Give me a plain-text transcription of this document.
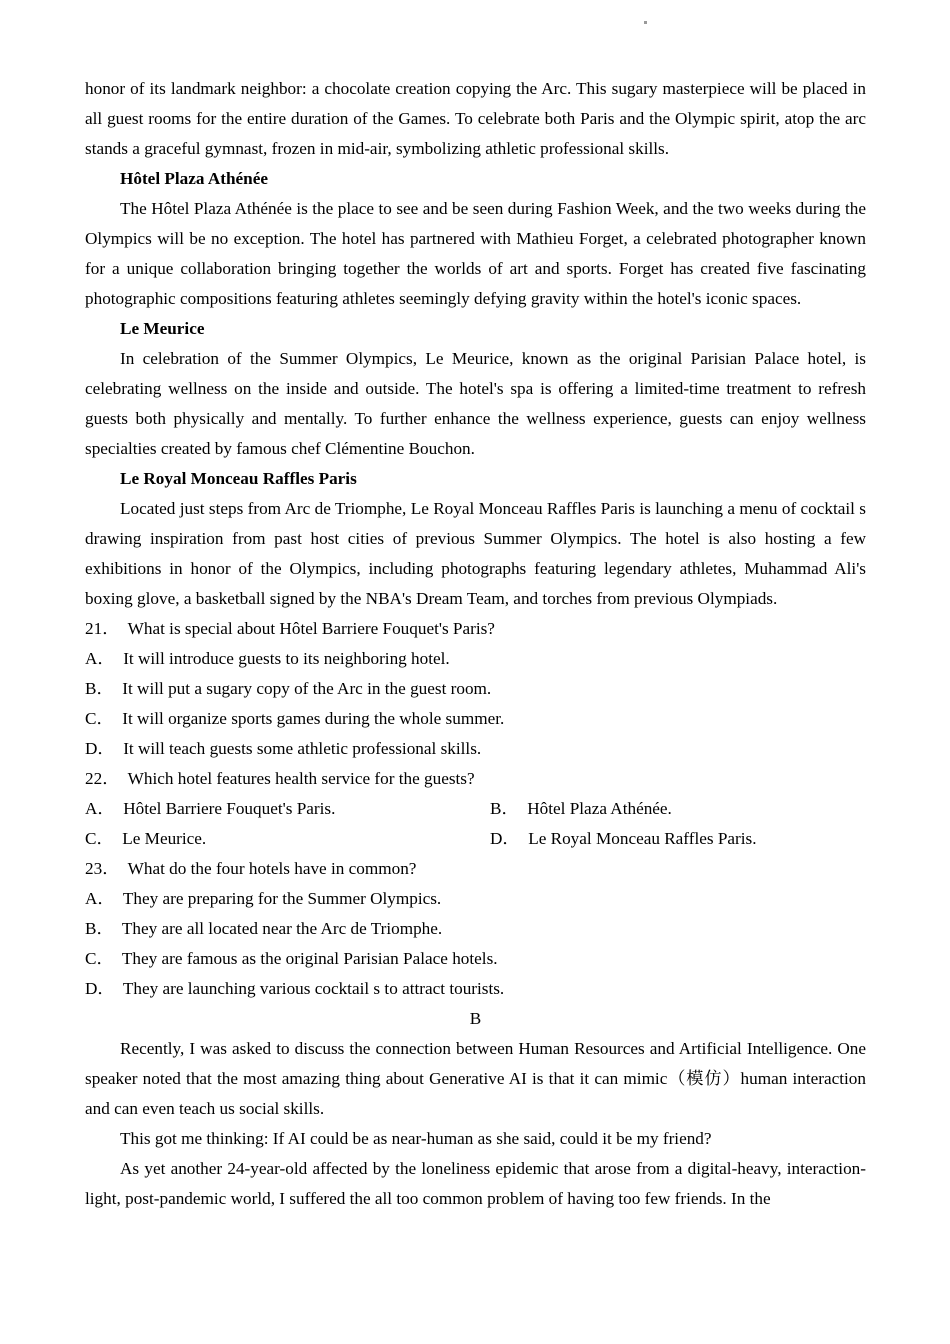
honor of its landmark neighbor: a chocolate creation copying the Arc. This sugary masterpiece will be placed in all guest rooms for the entire duration of the Games. To celebrate both Paris and the Olympic spirit, atop the arc stands a graceful gymnast, frozen in mid-air, symbolizing athletic professional skills.

Hôtel Plaza Athénée

The Hôtel Plaza Athénée is the place to see and be seen during Fashion Week, and the two weeks during the Olympics will be no exception. The hotel has partnered with Mathieu Forget, a celebrated photographer known for a unique collaboration bringing together the worlds of art and sports. Forget has created five fascinating photographic compositions featuring athletes seemingly defying gravity within the hotel's iconic spaces.

Le Meurice

In celebration of the Summer Olympics, Le Meurice, known as the original Parisian Palace hotel, is celebrating wellness on the inside and outside. The hotel's spa is offering a limited-time treatment to refresh guests both physically and mentally. To further enhance the wellness experience, guests can enjoy wellness specialties created by famous chef Clémentine Bouchon.

Le Royal Monceau Raffles Paris

Located just steps from Arc de Triomphe, Le Royal Monceau Raffles Paris is launching a menu of cocktail s drawing inspiration from past host cities of previous Summer Olympics. The hotel is also hosting a few exhibitions in honor of the Olympics, including photographs featuring legendary athletes, Muhammad Ali's boxing glove, a basketball signed by the NBA's Dream Team, and torches from previous Olympiads.

21．  What is special about Hôtel Barriere Fouquet's Paris?

A．  It will introduce guests to its neighboring hotel.

B．  It will put a sugary copy of the Arc in the guest room.

C．  It will organize sports games during the whole summer.

D．  It will teach guests some athletic professional skills.

22．  Which hotel features health service for the guests?

A．  Hôtel Barriere Fouquet's Paris.	B．  Hôtel Plaza Athénée.
C．  Le Meurice.	D．  Le Royal Monceau Raffles Paris.

23．  What do the four hotels have in common?

A．  They are preparing for the Summer Olympics.

B．  They are all located near the Arc de Triomphe.

C．  They are famous as the original Parisian Palace hotels.

D．  They are launching various cocktail s to attract tourists.

B

Recently, I was asked to discuss the connection between Human Resources and Artificial Intelligence. One speaker noted that the most amazing thing about Generative AI is that it can mimic（模仿）human interaction and can even teach us social skills.

This got me thinking: If AI could be as near-human as she said, could it be my friend?

As yet another 24-year-old affected by the loneliness epidemic that arose from a digital-heavy, interaction-light, post-pandemic world, I suffered the all too common problem of having too few friends. In the
